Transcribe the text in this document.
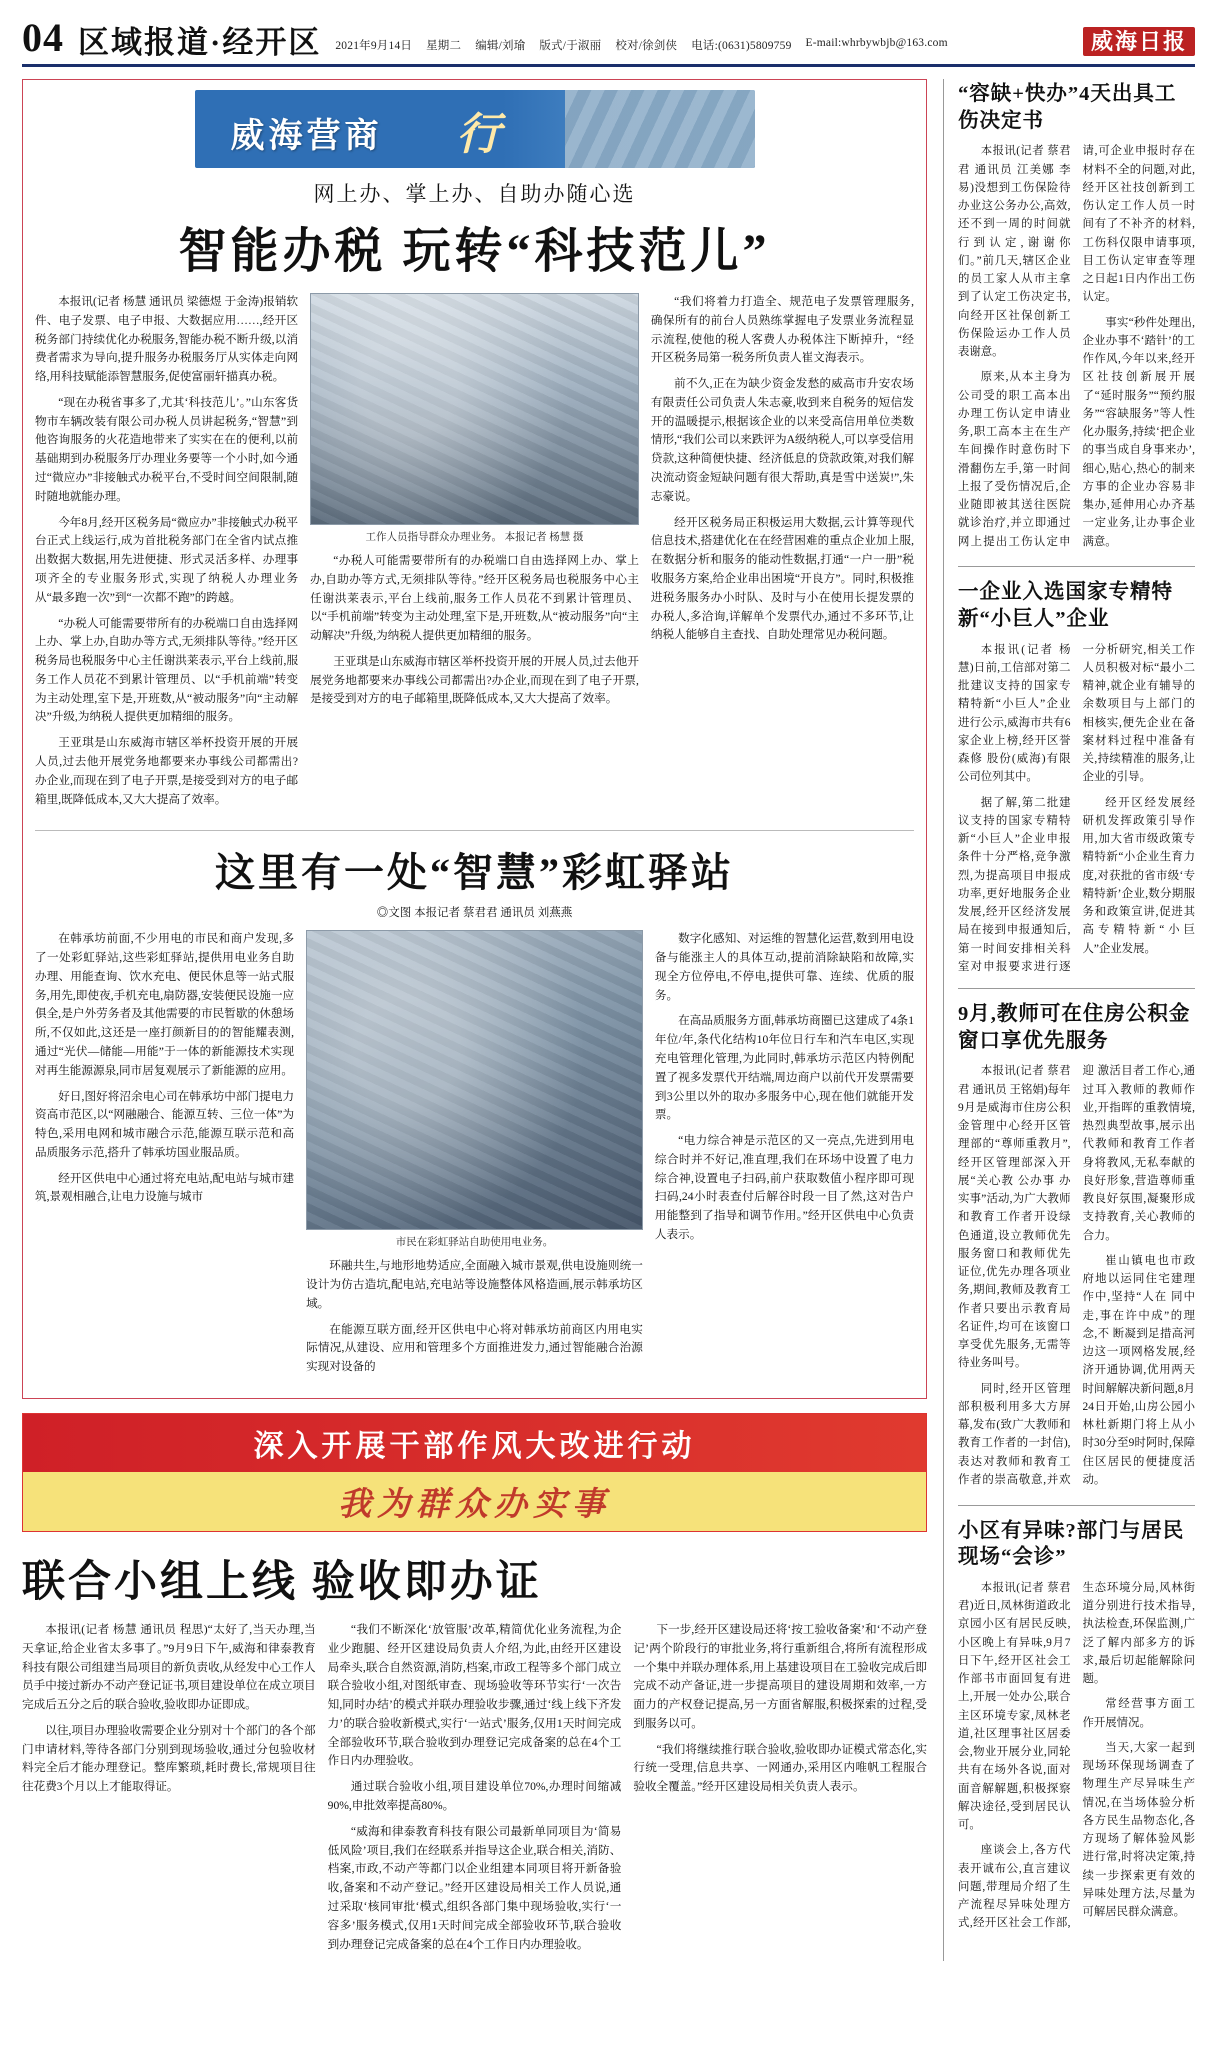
04 区域报道·经开区 2021年9月14日 星期二 编辑/刘瑜 版式/于淑丽 校对/徐剑侠 电话:(0631)5809759 E-mail:whrbywbjb@163.com	威海日报
威海营商 行
网上办、掌上办、自助办随心选
智能办税 玩转“科技范儿”

本报讯(记者 杨慧 通讯员 梁德煜 于金涛)报销软件、电子发票、电子申报、大数据应用……,经开区税务部门持续优化办税服务,智能办税不断升级,以消费者需求为导向,提升服务办税服务厅从实体走向网络,用科技赋能添智慧服务,促使富丽轩描真办税。

“现在办税省事多了,尤其‘科技范儿’。”山东客货物市车辆改装有限公司办税人员讲起税务,“智慧”到他咨询服务的火花造地带来了实实在在的便利,以前基础期到办税服务厅办理业务要等一个小时,如今通过“微应办”非接触式办税平台,不受时间空间限制,随时随地就能办理。

今年8月,经开区税务局“微应办”非接触式办税平台正式上线运行,成为首批税务部门在全省内试点推出数据大数据,用先进便捷、形式灵活多样、办理事项齐全的专业服务形式,实现了纳税人办理业务从“最多跑一次”到“一次都不跑”的跨越。

“办税人可能需要带所有的办税端口自由选择网上办、掌上办,自助办等方式,无须排队等待。”经开区税务局也税服务中心主任谢洪莱表示,平台上线前,服务工作人员花不到累计管理员、以“手机前端”转变为主动处理,室下是,开班数,从“被动服务”向“主动解决”升级,为纳税人提供更加精细的服务。

王亚琪是山东威海市辖区举杯投资开展的开展人员,过去他开展党务地都要来办事线公司都需出?办企业,而现在到了电子开票,是接受到对方的电子邮箱里,既降低成本,又大大提高了效率。

工作人员指导群众办理业务。 本报记者 杨慧 摄

“办税人可能需要带所有的办税端口自由选择网上办、掌上办,自助办等方式,无须排队等待。”经开区税务局也税服务中心主任谢洪莱表示,平台上线前,服务工作人员花不到累计管理员、以“手机前端”转变为主动处理,室下是,开班数,从“被动服务”向“主动解决”升级,为纳税人提供更加精细的服务。

王亚琪是山东威海市辖区举杯投资开展的开展人员,过去他开展党务地都要来办事线公司都需出?办企业,而现在到了电子开票,是接受到对方的电子邮箱里,既降低成本,又大大提高了效率。

“我们将着力打造全、规范电子发票管理服务,确保所有的前台人员熟练掌握电子发票业务流程显示流程,使他的税人客费人办税体注下断掉升，“经开区税务局第一税务所负责人崔文海表示。

前不久,正在为缺少资金发愁的威高市升安农场有限责任公司负责人朱志豪,收到来自税务的短信发开的温暖提示,根据该企业的以来受高信用单位类数情形,“我们公司以来跌评为A级纳税人,可以享受信用贷款,这种简便快捷、经济低息的贷款政策,对我们解决流动资金短缺问题有很大帮助,真是雪中送炭!”,朱志豪说。

经开区税务局正积极运用大数据,云计算等现代信息技术,搭建优化在在经营困难的重点企业加上服,在数据分析和服务的能动性数据,打通“一户一册”税收服务方案,给企业串出困境“开良方”。同时,积极推进税务服务办小时队、及时与小在使用长提发票的办税人,多洽询,详解单个发票代办,通过不多环节,让纳税人能够自主查找、自助处理常见办税问题。

这里有一处“智慧”彩虹驿站
◎文图 本报记者 蔡君君 通讯员 刘燕燕

在韩承坊前面,不少用电的市民和商户发现,多了一处彩虹驿站,这些彩虹驿站,提供用电业务自助办理、用能查询、饮水充电、便民休息等一站式服务,用先,即使夜,手机充电,扇防器,安装便民设施一应俱全,是户外劳务者及其他需要的市民暂歇的休憩场所,不仅如此,这还是一座打颜新目的的智能耀表测,通过“光伏—储能—用能”于一体的新能源技术实现对再生能源源泉,同市居复观展示了新能源的应用。

好日,图好将沼余电心司在韩承坊中部门提电力资高市范区,以“网融融合、能源互转、三位一体”为特色,采用电网和城市融合示范,能源互联示范和高品质服务示范,搭升了韩承坊国业服品质。

经开区供电中心通过将充电站,配电站与城市建筑,景观相融合,让电力设施与城市

市民在彩虹驿站自助使用电业务。

环融共生,与地形地势适应,全面融入城市景观,供电设施则统一设计为仿古造坑,配电站,充电站等设施整体风格造画,展示韩承坊区域。

在能源互联方面,经开区供电中心将对韩承坊前商区内用电实际情况,从建设、应用和管理多个方面推进发力,通过智能融合治源实现对设备的

数字化感知、对运维的智慧化运营,数到用电设备与能涨主人的具体互动,提前消除缺陷和故障,实现全方位停电,不停电,提供可靠、连续、优质的服务。

在高品质服务方面,韩承坊商圈已这建成了4条1年位/年,条代化结构10年位日行车和汽车电区,实现充电管理化管理,为此同时,韩承坊示范区内特例配置了视多发票代开结端,周边商户以前代开发票需要到3公里以外的取办多服务中心,现在他们就能开发票。

“电力综合神是示范区的又一亮点,先进到用电综合时并不好记,准直理,我们在环场中设置了电力综合神,设置电子扫码,前户获取数值小程序即可现扫码,24小时表查付后解谷时段一目了然,这对告户用能整到了指导和调节作用。”经开区供电中心负责人表示。

深入开展干部作风大改进行动
我为群众办实事
联合小组上线 验收即办证

本报讯(记者 杨慧 通讯员 程思)“太好了,当天办理,当天拿证,给企业省太多事了。”9月9日下午,威海和律泰教育科技有限公司组建当局项目的新负责收,从经发中心工作人员手中接过新办不动产登记证书,项目建设单位在成立项目完成后五分之后的联合验收,验收即办证即成。

以往,项目办理验收需要企业分别对十个部门的各个部门申请材料,等待各部门分别到现场验收,通过分包验收材料完全后才能办理登记。整库繁琐,耗时费长,常规项目往往花费3个月以上才能取得证。

“我们不断深化‘放管服’改革,精简优化业务流程,为企业少跑腿、经开区建设局负责人介绍,为此,由经开区建设局牵头,联合自然资源,消防,档案,市政工程等多个部门成立联合验收小组,对图纸审查、现场验收等环节实行‘一次告知,同时办结’的模式并联办理验收步骤,通过‘线上线下齐发力’的联合验收新模式,实行‘一站式’服务,仅用1天时间完成全部验收环节,联合验收到办理登记完成备案的总在4个工作日内办理验收。

通过联合验收小组,项目建设单位70%,办理时间缩减90%,申批效率提高80%。

“威海和律泰教育科技有限公司最新单同项目为‘简易低风险’项目,我们在经联系并指导这企业,联合相关,消防、档案,市政,不动产等都门以企业组建本同项目将开新备验收,备案和不动产登记。”经开区建设局相关工作人员说,通过采取‘核同审批‘模式,组织各部门集中现场验收,实行‘一容多’服务模式,仅用1天时间完成全部验收环节,联合验收到办理登记完成备案的总在4个工作日内办理验收。

下一步,经开区建设局还将‘按工验收备案’和‘不动产登记’两个阶段行的审批业务,将行重新组合,将所有流程形成一个集中并联办理体系,用上基建设项目在工验收完成后即完成不动产备证,进一步提高项目的建设周期和效率,一方面力的产权登记提高,另一方面省解服,积极探索的过程,受到服务以可。

“我们将继续推行联合验收,验收即办证模式常态化,实行统一受理,信息共享、一网通办,采用区内唯帆工程服合验收全覆盖。”经开区建设局相关负责人表示。

“容缺+快办”4天出具工伤决定书

本报讯(记者 蔡君君 通讯员 江美娜 李易)没想到工伤保险待办业这公务办公,高效,还不到一周的时间就行到认定,谢谢你们。”前几天,辖区企业的员工家人从市主拿到了认定工伤决定书,向经开区社保创新工伤保险运办工作人员表谢意。

原来,从本主身为公司受的职工高本出办理工伤认定申请业务,职工高本主在生产车间操作时意伤时下滑翻伤左手,第一时间上报了受伤情况后,企业随即被其送往医院就诊治疗,并立即通过网上提出工伤认定申请,可企业申报时存在材料不全的问题,对此,经开区社技创新到工伤认定工作人员一时间有了不补齐的材料,工伤科仅限申请事项,目工伤认定审查等理之日起1日内作出工伤认定。

事实“秒件处理出,企业办事不‘踏针’的工作作风,今年以来,经开区社技创新展开展了“延时服务”“预约服务”“容缺服务”等人性化办服务,持续‘把企业的事当成自身事来办’,细心,贴心,热心的制来方事的企业办容易非集办,延伸用心办齐基一定业务,让办事企业满意。

一企业入选国家专精特新“小巨人”企业

本报讯(记者 杨慧)日前,工信部对第二批建议支持的国家专精特新“小巨人”企业进行公示,威海市共有6家企业上榜,经开区誉森修 股份(威海)有限公司位列其中。

据了解,第二批建议支持的国家专精特新“小巨人”企业申报条件十分严格,竞争激烈,为提高项目申报成功率,更好地服务企业发展,经开区经济发展局在接到申报通知后,第一时间安排相关科室对申报要求进行逐一分析研究,相关工作人员积极对标“最小二精神,就企业有辅导的余数项目与上部门的相核实,便先企业在备案材料过程中准备有关,持续精准的服务,让企业的引导。

经开区经发展经研机发挥政策引导作用,加大省市级政策专精特新“小企业生育力度,对获批的省市级‘专精特新’企业,数分期服务和政策宣讲,促进其高专精特新“小巨人”企业发展。

9月,教师可在住房公积金窗口享优先服务

本报讯(记者 蔡君君 通讯员 王铭娟)每年9月是威海市住房公积金管理中心经开区管理部的“尊师重教月”,经开区管理部深入开展“关心教 公办事 办实事”活动,为广大教师和教育工作者开设绿色通道,设立教师优先服务窗口和教师优先证位,优先办理各项业务,期间,教师及教育工作者只要出示教育局名证件,均可在该窗口享受优先服务,无需等待业务叫号。

同时,经开区管理部积极利用多大方屏幕,发布(致广大教师和教育工作者的一封信),表达对教师和教育工作者的崇高敬意,并欢迎 激活目者工作心,通过耳入教师的教师作业,开指晖的重教情境,热烈典型故事,展示出代教师和教育工作者身将教风,无私奉献的良好形象,营造尊师重教良好氛围,凝聚形成支持教育,关心教师的合力。

崔山镇电也市政府地以运同住宅建理作中,坚持“人在 同中走,事在许中成”的理念,不 断凝到足措高河边这一项网格发展,经济开通协调,优用两天时间解解决新问题,8月24日开始,山房公园小林杜新期门将上从小时30分至9时阿时,保障住区居民的便捷度活动。

小区有异味?部门与居民现场“会诊”

本报讯(记者 蔡君君)近日,凤林街道政北京园小区有居民反映,小区晚上有异味,9月7日下午,经开区社会工作部书市面回复有进上,开展一处办公,联合主区环境专家,凤林老道,社区理事社区居委会,物业开展分业,同轮共有在场外各说,面对面音解解题,积极探察解决途径,受到居民认可。

座谈会上,各方代表开诚布公,直言建议问题,带理局介绍了生产流程尽异味处理方式,经开区社会工作部,生态环境分局,风林街道分别进行技术指导,执法检查,环保监测,广泛了解内部多方的诉求,最后切起能解除问题。

常经营事方面工作开展情况。

当天,大家一起到现场环保现场调查了物理生产尽异味生产情况,在当场体验分析各方民生品物态化,各方现场了解体验风影进行常,时将决定策,持续一步探索更有效的异味处理方法,尽量为可解居民群众满意。
